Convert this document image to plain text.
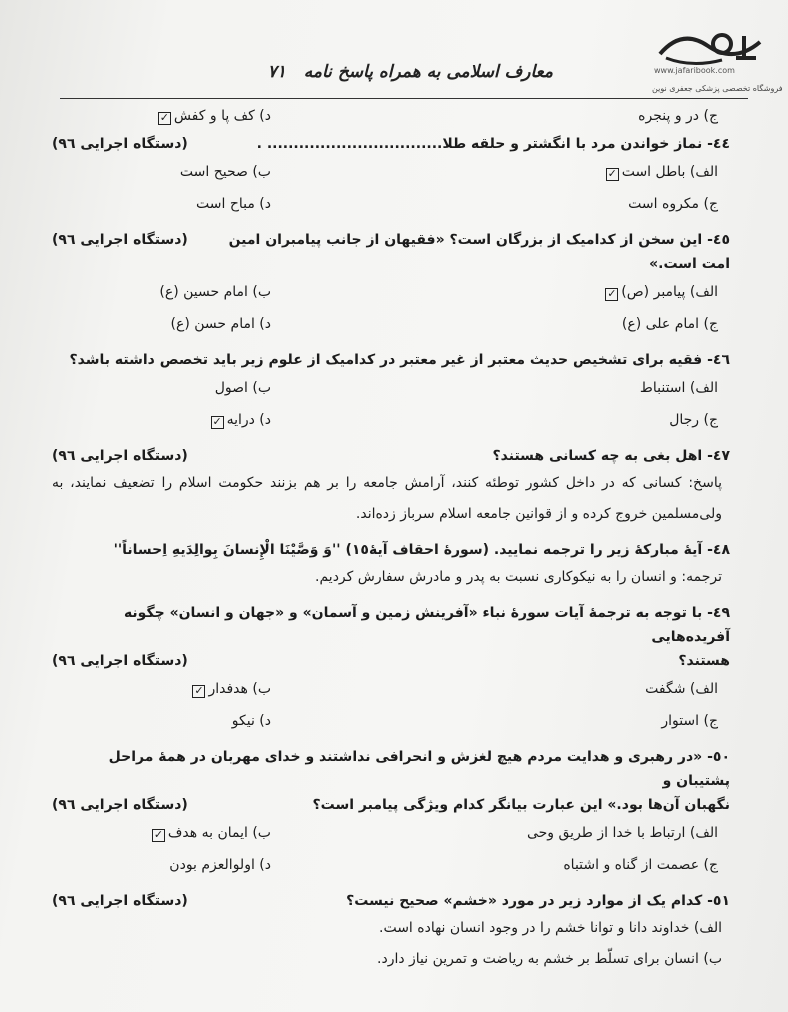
﻿
معارف اسلامی به همراه پاسخ نامه ٧١	www.jafaribook.com
فروشگاه تخصصی پزشکی جعفری نوین
ج) در و پنجره
د) کف پا و کفش✓
٤٤- نماز خواندن مرد با انگشتر و حلقه طلا................................. .
(دستگاه اجرایی ٩٦)
الف) باطل است✓
ب) صحیح است
ج) مکروه است
د) مباح است
٤٥- این سخن از کدامیک از بزرگان است؟ «فقیهان از جانب پیامبران امین امت است.»
(دستگاه اجرایی ٩٦)
الف) پیامبر (ص)✓
ب) امام حسین (ع)
ج) امام علی (ع)
د) امام حسن (ع)
٤٦- فقیه برای تشخیص حدیث معتبر از غیر معتبر در کدامیک از علوم زیر باید تخصص داشته باشد؟
الف) استنباط
ب) اصول
ج) رجال
د) درایه✓
٤٧- اهل بغی به چه کسانی هستند؟
(دستگاه اجرایی ٩٦)
پاسخ: کسانی که در داخل کشور توطئه کنند، آرامش جامعه را بر هم بزنند حکومت اسلام را تضعیف نمایند، به ولی‌مسلمین خروج کرده و از قوانین جامعه اسلام سرباز زده‌اند.
٤٨- آیهٔ مبارکهٔ زیر را ترجمه نمایید. (سورهٔ احقاف آیهٔ١٥) ''وَ وَصَّیْنَا الْإِنسانَ بِوالِدَیهِ اِحساناً''
ترجمه: و انسان را به نیکوکاری نسبت به پدر و مادرش سفارش کردیم.
٤٩- با توجه به ترجمهٔ آیات سورهٔ نباء «آفرینش زمین و آسمان» و «جهان و انسان» چگونه آفریده‌هایی
هستند؟
(دستگاه اجرایی ٩٦)
الف) شگفت
ب) هدفدار✓
ج) استوار
د) نیکو
٥٠- «در رهبری و هدایت مردم هیچ لغزش و انحرافی نداشتند و خدای مهربان در همهٔ مراحل پشتیبان و
نگهبان آن‌ها بود.» این عبارت بیانگر کدام ویژگی پیامبر است؟
(دستگاه اجرایی ٩٦)
الف) ارتباط با خدا از طریق وحی
ب) ایمان به هدف✓
ج) عصمت از گناه و اشتباه
د) اولوالعزم بودن
٥١- کدام یک از موارد زیر در مورد «خشم» صحیح نیست؟
(دستگاه اجرایی ٩٦)
الف) خداوند دانا و توانا خشم را در وجود انسان نهاده است.
ب) انسان برای تسلّط بر خشم به ریاضت و تمرین نیاز دارد.
